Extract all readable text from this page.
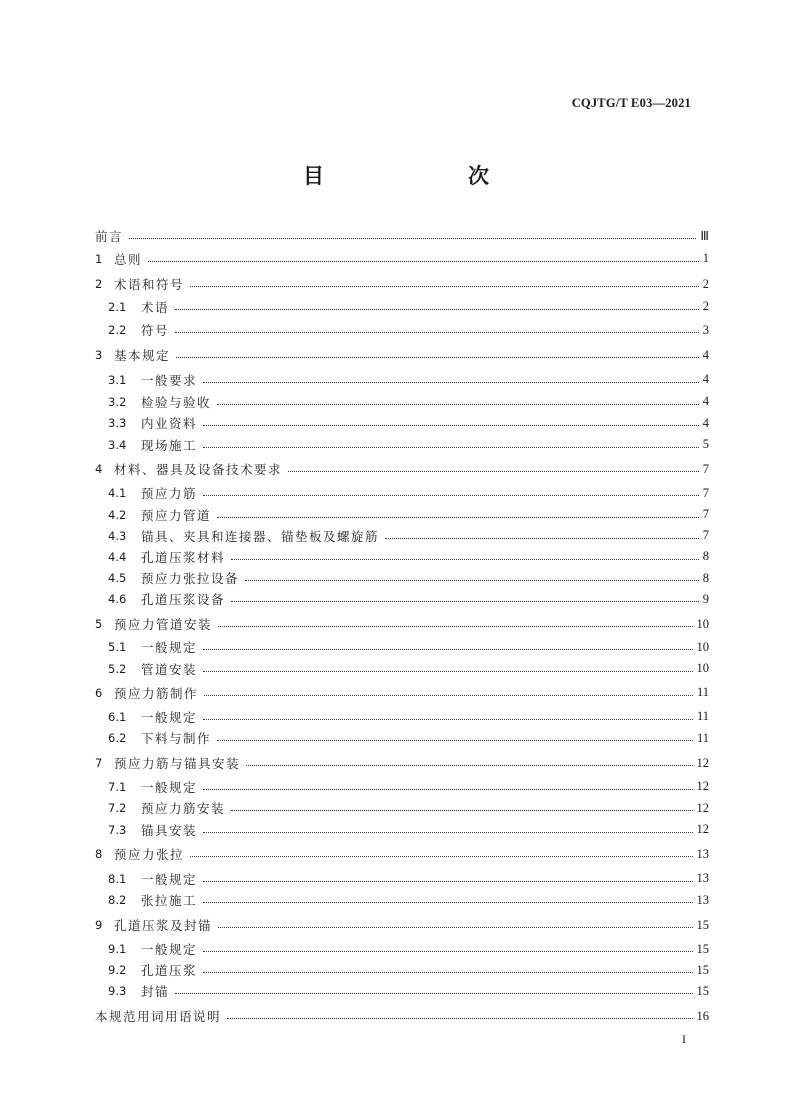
CQJTG/T E03—2021
目　　次
前言	Ⅲ
1 总则	1
2 术语和符号	2
2.1	术语	2
2.2	符号	3
3 基本规定	4
3.1	一般要求	4
3.2	检验与验收	4
3.3	内业资料	4
3.4	现场施工	5
4 材料、器具及设备技术要求	7
4.1	预应力筋	7
4.2	预应力管道	7
4.3	锚具、夹具和连接器、锚垫板及螺旋筋	7
4.4	孔道压浆材料	8
4.5	预应力张拉设备	8
4.6	孔道压浆设备	9
5 预应力管道安装	10
5.1	一般规定	10
5.2	管道安装	10
6 预应力筋制作	11
6.1	一般规定	11
6.2	下料与制作	11
7 预应力筋与锚具安装	12
7.1	一般规定	12
7.2	预应力筋安装	12
7.3	锚具安装	12
8 预应力张拉	13
8.1	一般规定	13
8.2	张拉施工	13
9 孔道压浆及封锚	15
9.1	一般规定	15
9.2	孔道压浆	15
9.3	封锚	15
本规范用词用语说明	16
I
